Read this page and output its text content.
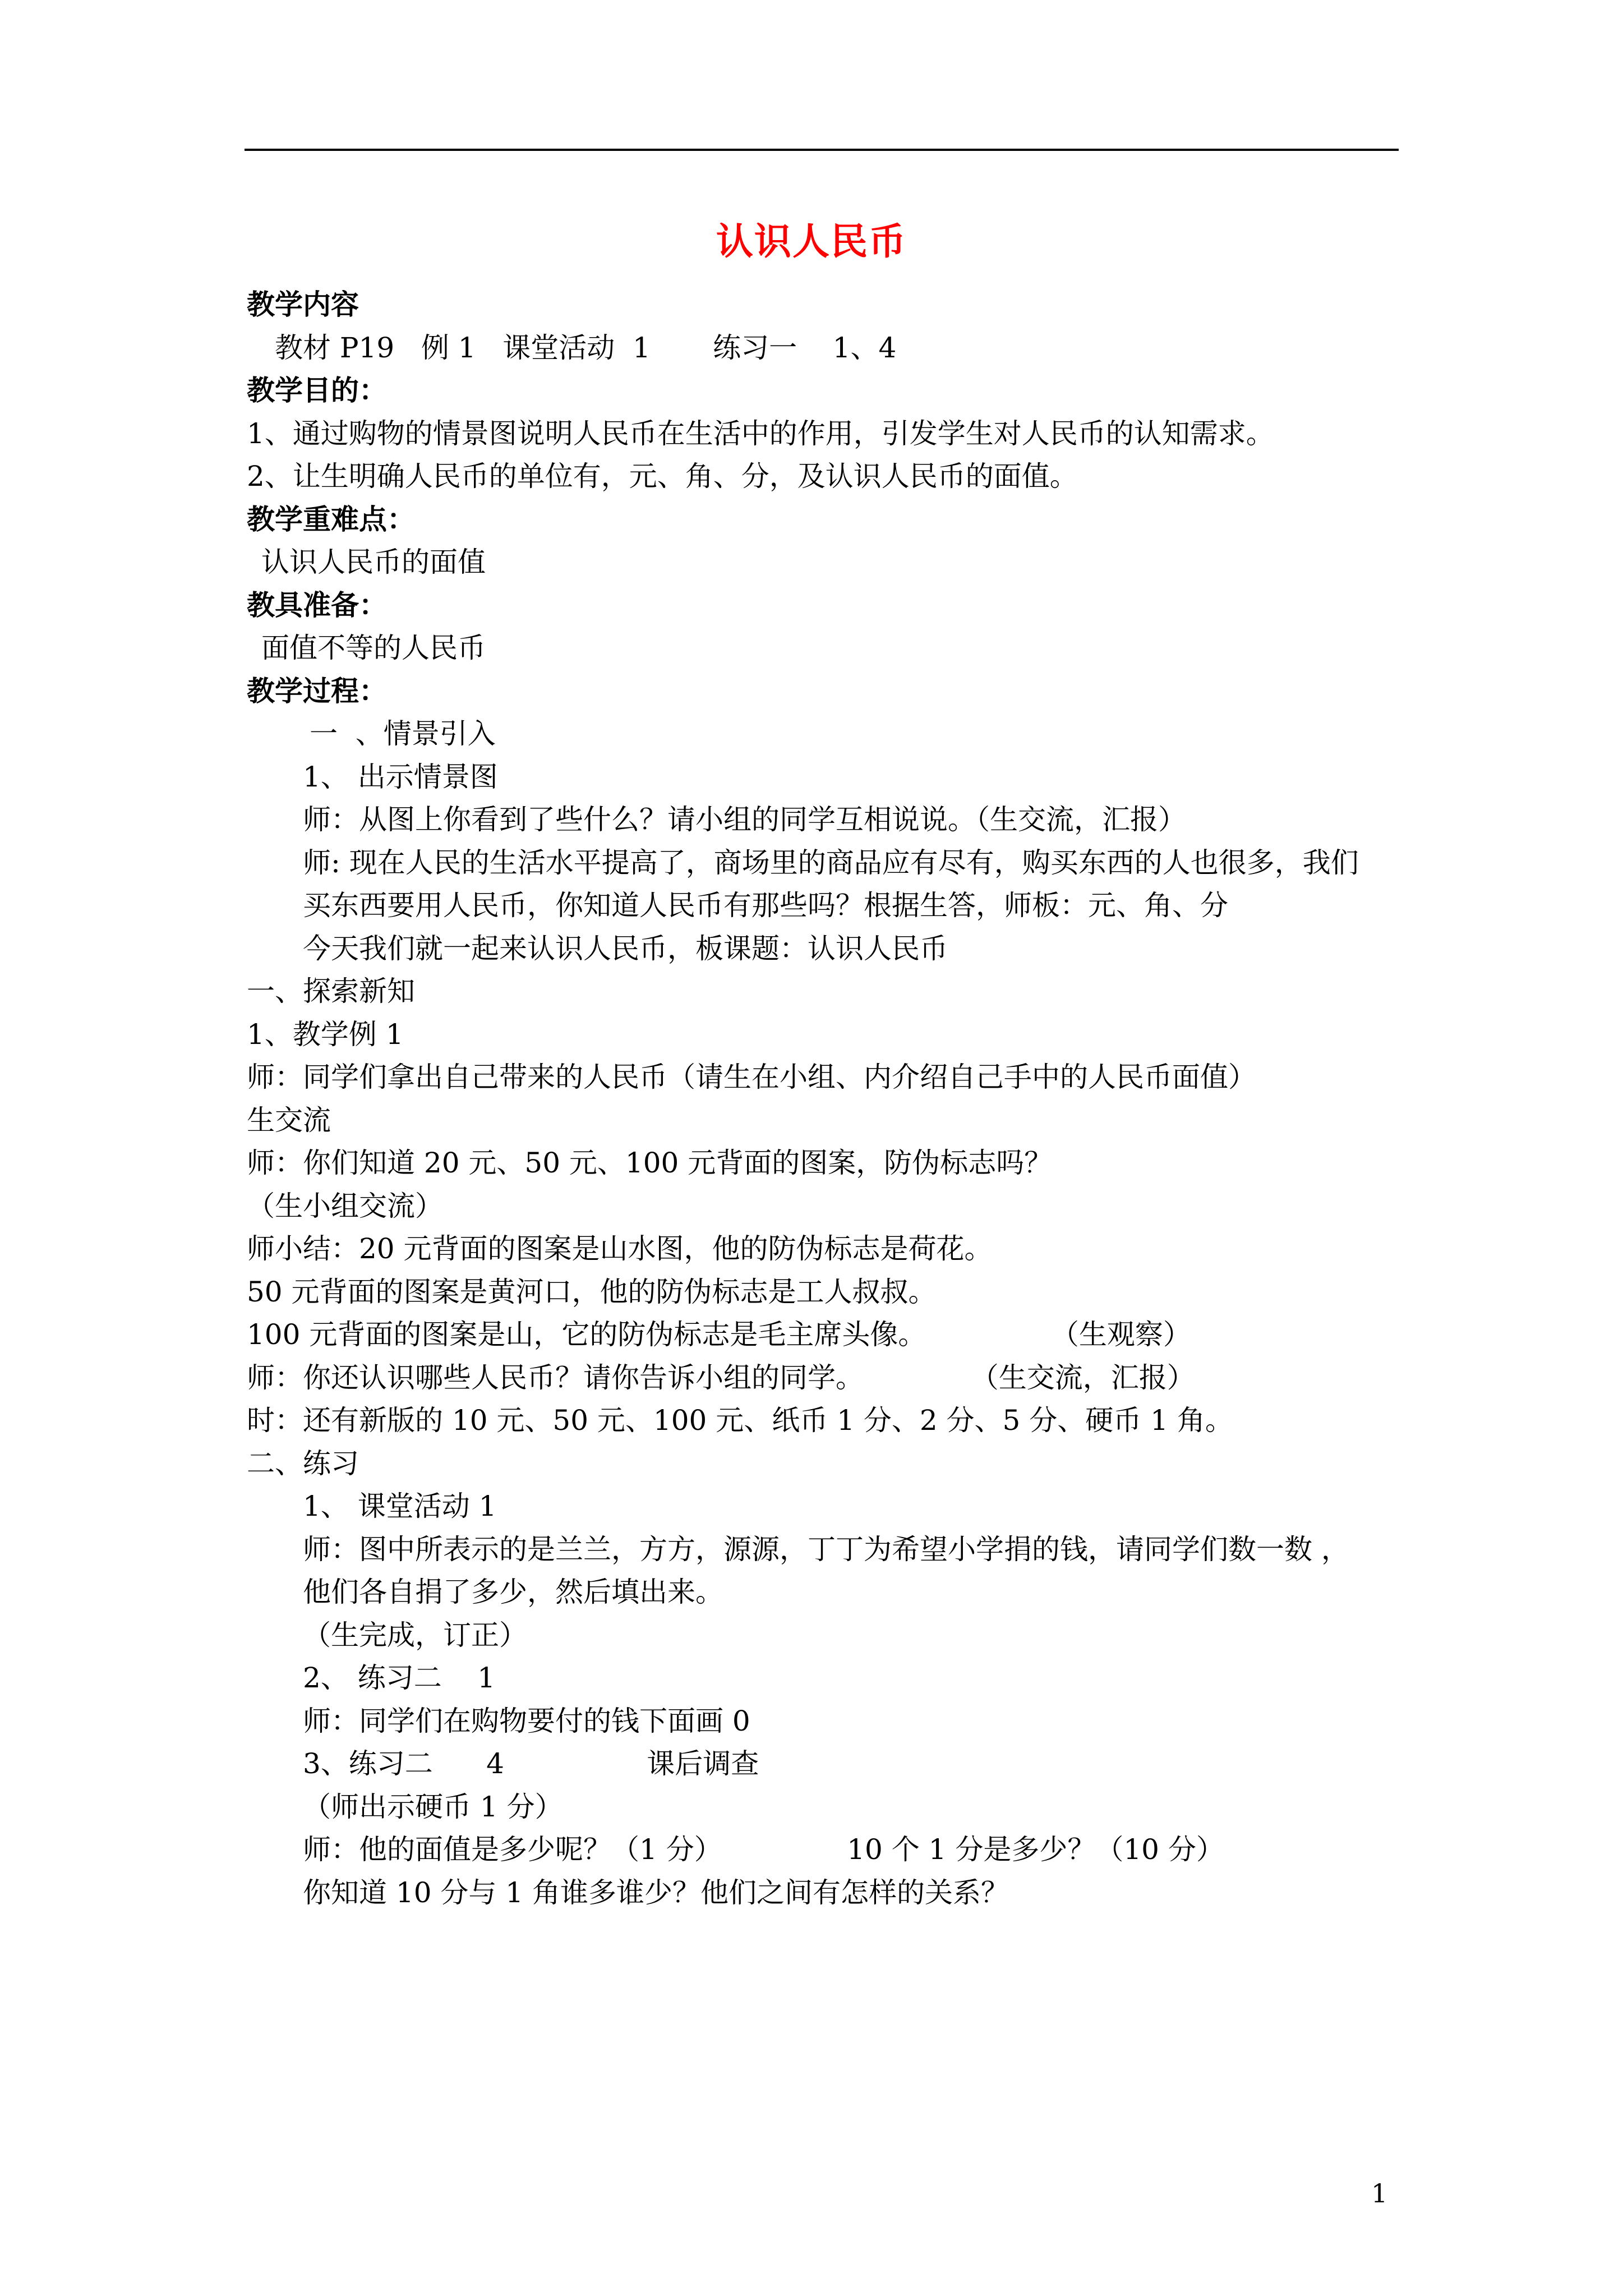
认识人民币
教学内容
教材 P19   例 1   课堂活动  1       练习一    1、4
教学目的：
1、通过购物的情景图说明人民币在生活中的作用，引发学生对人民币的认知需求。
2、让生明确人民币的单位有，元、角、分，及认识人民币的面值。
教学重难点：
认识人民币的面值
教具准备：
面值不等的人民币
教学过程：
一  、情景引入
1、 出示情景图
师：从图上你看到了些什么？请小组的同学互相说说。（生交流，汇报）
师: 现在人民的生活水平提高了，商场里的商品应有尽有，购买东西的人也很多，我们
买东西要用人民币，你知道人民币有那些吗？根据生答，师板：元、角、分
今天我们就一起来认识人民币，板课题：认识人民币
一、探索新知
1、教学例 1
师：同学们拿出自己带来的人民币（请生在小组、内介绍自己手中的人民币面值）
生交流
师：你们知道 20 元、50 元、100 元背面的图案，防伪标志吗？
（生小组交流）
师小结：20 元背面的图案是山水图，他的防伪标志是荷花。
50 元背面的图案是黄河口，他的防伪标志是工人叔叔。
100 元背面的图案是山，它的防伪标志是毛主席头像。              （生观察）
师：你还认识哪些人民币？请你告诉小组的同学。            （生交流，汇报）
时：还有新版的 10 元、50 元、100 元、纸币 1 分、2 分、5 分、硬币 1 角。
二、练习
1、 课堂活动 1
师：图中所表示的是兰兰，方方，源源，丁丁为希望小学捐的钱，请同学们数一数 ，
他们各自捐了多少，然后填出来。
（生完成，订正）
2、 练习二    1
师：同学们在购物要付的钱下面画 0
3、练习二      4                课后调查
（师出示硬币 1 分）
师：他的面值是多少呢？（1 分）              10 个 1 分是多少？（10 分）
你知道 10 分与 1 角谁多谁少？他们之间有怎样的关系？
1
